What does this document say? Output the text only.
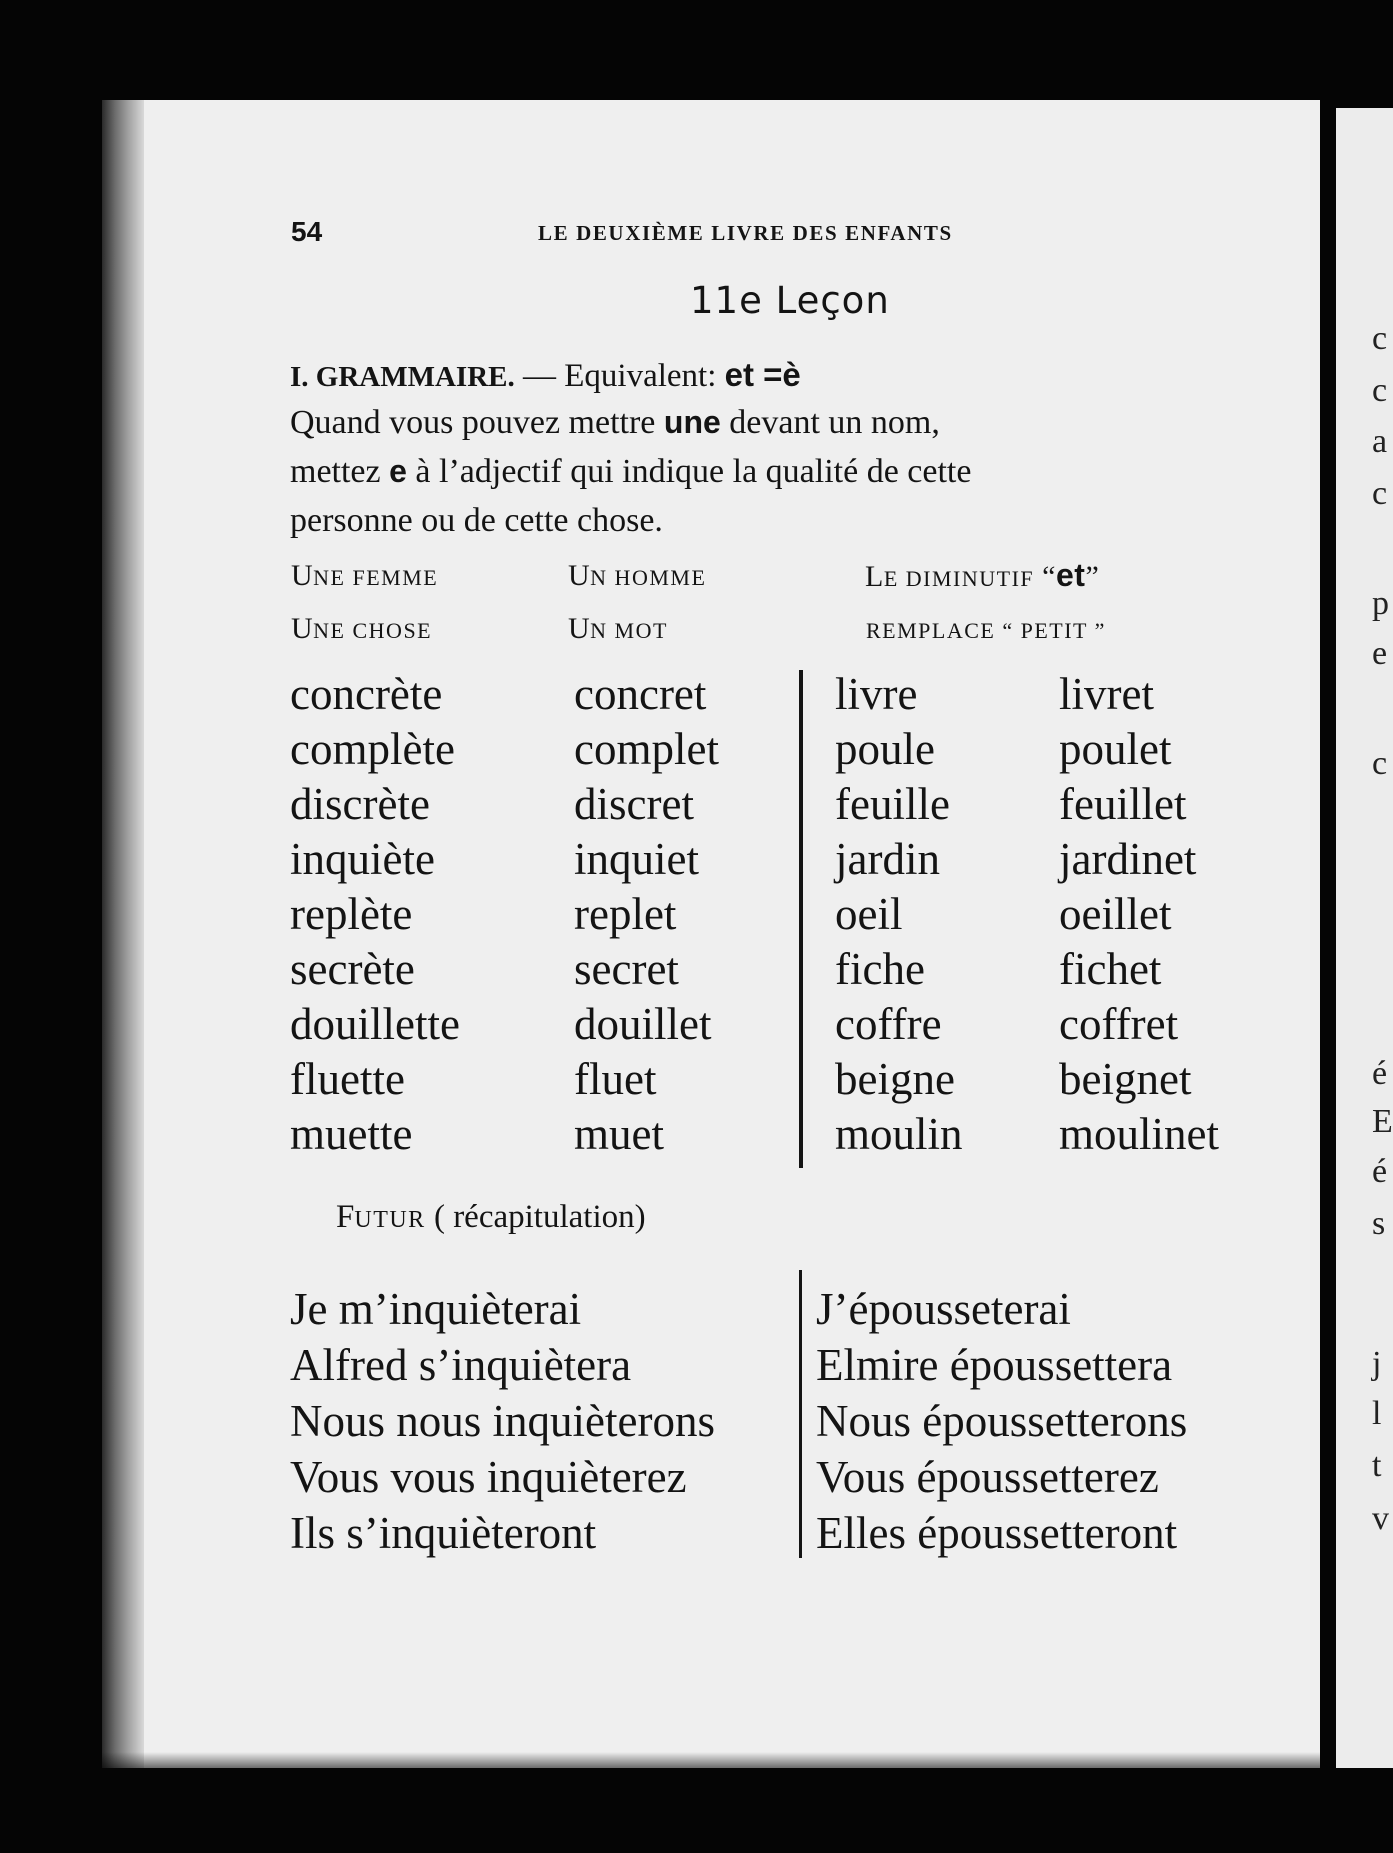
c
c
a
c
p
e
c
é
E
é
s
j
l
t
v
54	LE DEUXIÈME LIVRE DES ENFANTS
11e Leçon
I. GRAMMAIRE. — Equivalent: et =è
Quand vous pouvez mettre une devant un nom,
mettez e à l’adjectif qui indique la qualité de cette
personne ou de cette chose.
UNE FEMME
UNE CHOSE
UN HOMME
UN MOT
LE DIMINUTIF “et”
REMPLACE “ PETIT ”
concrète
complète
discrète
inquiète
replète
secrète
douillette
fluette
muette
concret
complet
discret
inquiet
replet
secret
douillet
fluet
muet
livre
poule
feuille
jardin
oeil
fiche
coffre
beigne
moulin
livret
poulet
feuillet
jardinet
oeillet
fichet
coffret
beignet
moulinet
FUTUR ( récapitulation)
Je m’inquièterai
Alfred s’inquiètera
Nous nous inquièterons
Vous vous inquièterez
Ils s’inquièteront
J’épousseterai
Elmire époussettera
Nous époussetterons
Vous époussetterez
Elles époussetteront
